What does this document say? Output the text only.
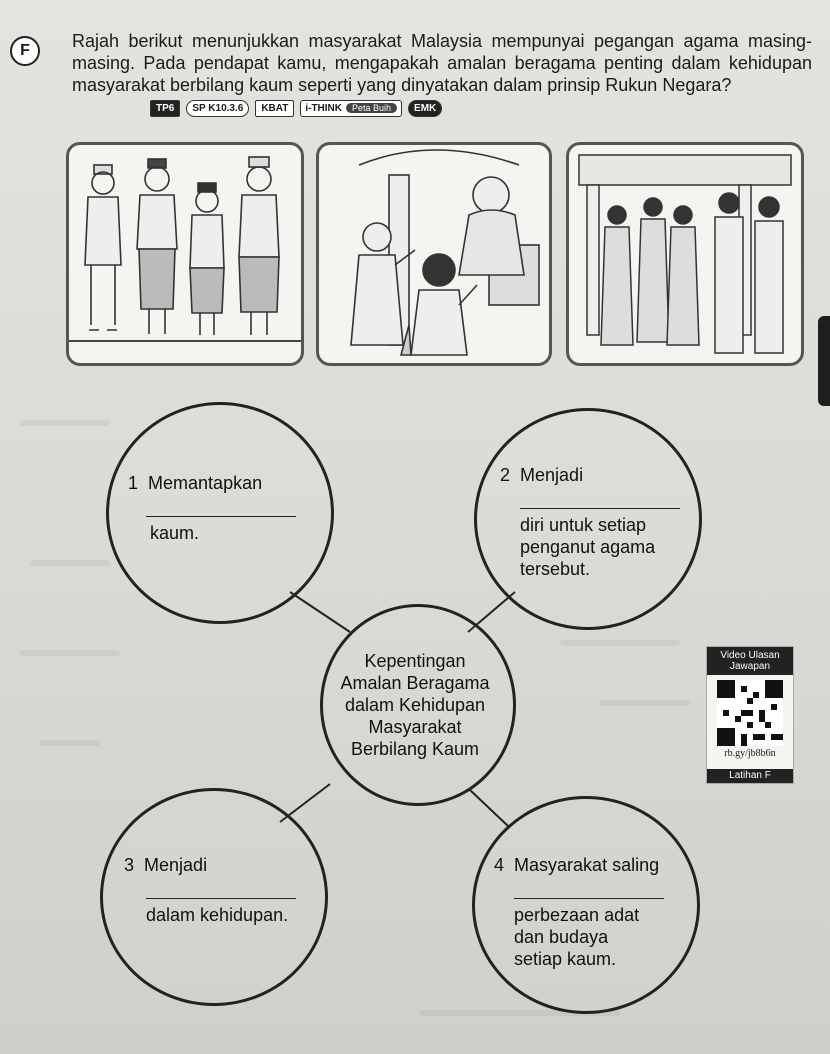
F	Rajah berikut menunjukkan masyarakat Malaysia mempunyai pegangan agama masing-masing. Pada pendapat kamu, mengapakah amalan beragama penting dalam kehidupan masyarakat berbilang kaum seperti yang dinyatakan dalam prinsip Rukun Negara?
TP6	SP K10.3.6	KBAT	i-THINK Peta Buih	EMK
1 Memantapkan

kaum.
2 Menjadi

diri untuk setiap penganut agama tersebut.
Kepentingan
Amalan Beragama
dalam Kehidupan
Masyarakat
Berbilang Kaum
3 Menjadi

dalam kehidupan.
4 Masyarakat saling

perbezaan adat dan budaya setiap kaum.
Video Ulasan Jawapan
rb.gy/jb8b6n
Latihan F
